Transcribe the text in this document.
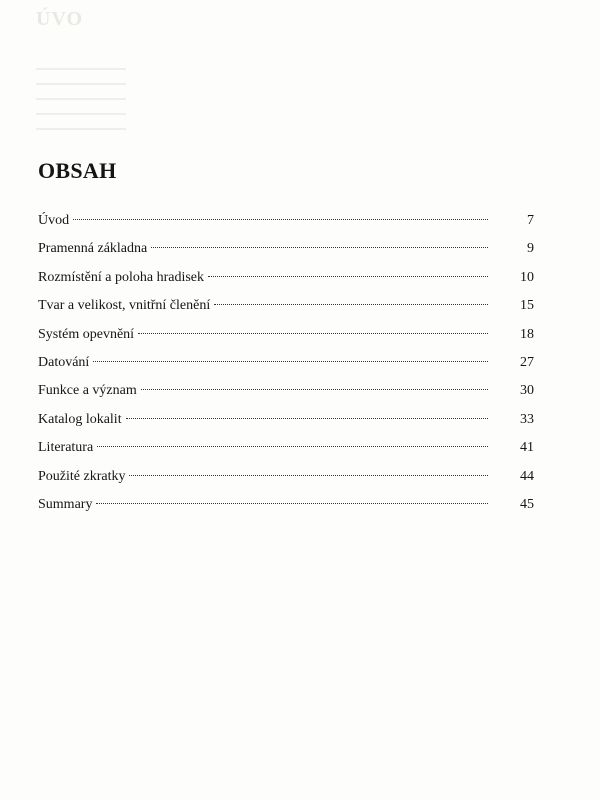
ÚVO
OBSAH
Úvod	7
Pramenná základna	9
Rozmístění a poloha hradisek	10
Tvar a velikost, vnitřní členění	15
Systém opevnění	18
Datování	27
Funkce a význam	30
Katalog lokalit	33
Literatura	41
Použité zkratky	44
Summary	45
